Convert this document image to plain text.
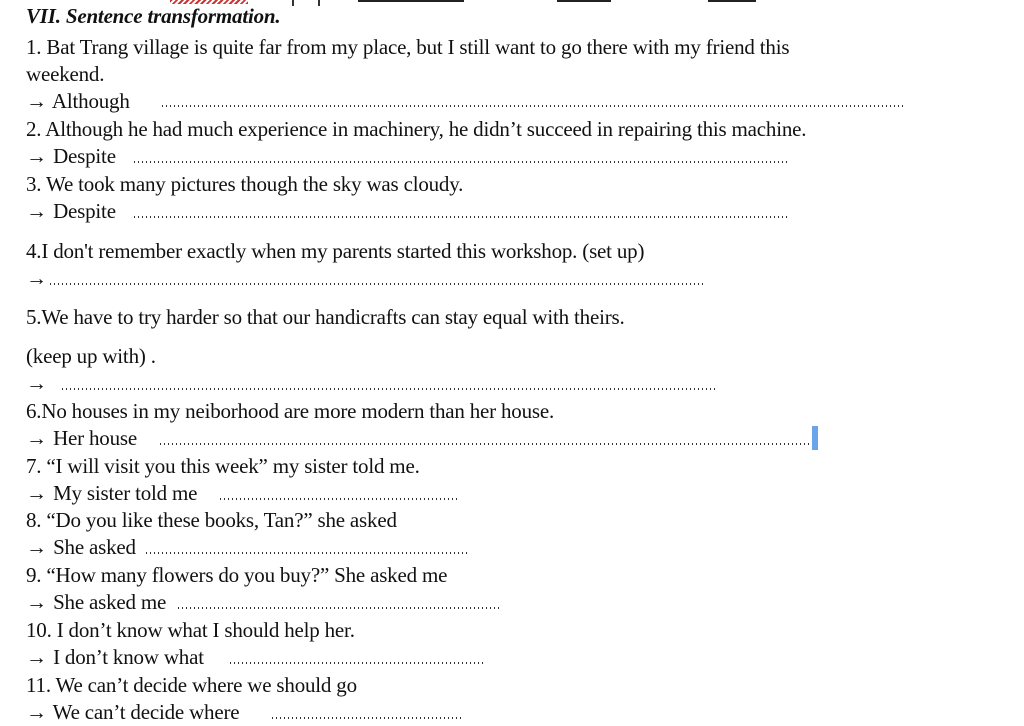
VII. Sentence transformation.
1. Bat Trang village is quite far from my place, but I still want to go there with my friend this
weekend.
→ Although
2. Although he had much experience in machinery, he didn’t succeed in repairing this machine.
→ Despite
3. We took many pictures though the sky was cloudy.
→ Despite
4.I don't remember exactly when my parents started this workshop. (set up)
→
5.We have to try harder so that our handicrafts can stay equal with theirs.
(keep up with) .
→
6.No houses in my neiborhood are more modern than her house.
→ Her house
7. “I will visit you this week” my sister told me.
→ My sister told me
8. “Do you like these books, Tan?” she asked
→ She asked
9. “How many flowers do you buy?” She asked me
→ She asked me
10. I don’t know what I should help her.
→ I don’t know what
11. We can’t decide where we should go
→ We can’t decide where
